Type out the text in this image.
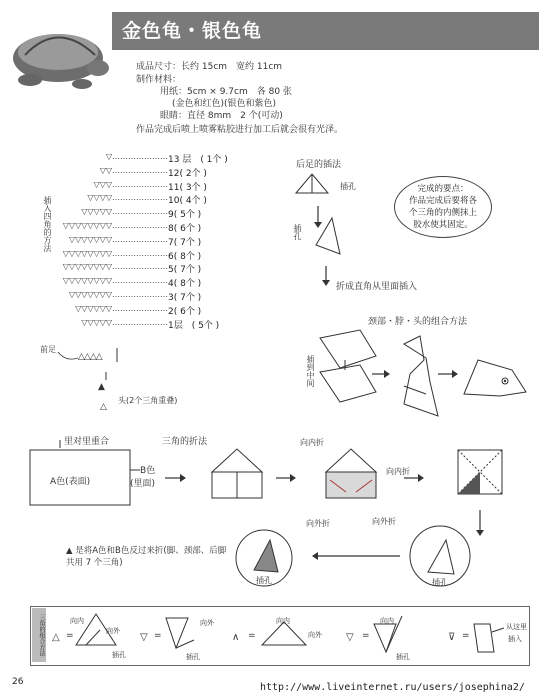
金色龟・银色龟
成品尺寸：长约 15cm　宽约 11cm
制作材料：
用纸：5cm × 9.7cm　各 80 张
(金色和红色)(银色和紫色)
眼睛：直径 8mm　2 个(可动)
作品完成后喷上喷雾粘胶进行加工后就会很有光泽。
插入四角的方法
▽………………… 13 层　( 1个 )
▽▽………………… 12( 2个 )
▽▽▽………………… 11( 3个 )
▽▽▽▽………………… 10( 4个 )
▽▽▽▽▽………………… 9( 5个 )
▽▽▽▽▽▽▽▽………………… 8( 6个 )
▽▽▽▽▽▽▽………………… 7( 7个 )
▽▽▽▽▽▽▽▽………………… 6( 8个 )
▽▽▽▽▽▽▽▽………………… 5( 7个 )
▽▽▽▽▽▽▽▽………………… 4( 8个 )
▽▽▽▽▽▽▽………………… 3( 7个 )
▽▽▽▽▽▽………………… 2( 6个 )
▽▽▽▽▽………………… 1层　( 5个 )
前足
△△△△
▲
△
头(2个三角重叠)
后足的插法
插孔
插孔
折成直角从里面插入
完成的要点：
作品完成后要将各
个三角的内侧抹上
胶水使其固定。
颈部・脖・头的组合方法
插到中间
里对里重合	三角的折法
A色(表面)
B色
(里面)
向内折
向内折
向外折	向外折
▲ 是将A色和B色反过来折(脚、颈部、后脚共用 7 个三角)
插孔	插孔
三角的组合方法 △ =	▽ =	∧ =	▽ =	⊽ =
向内
向外
插孔
向外
插孔
向内
向外
向内
插孔
从这里
插入
26	http://www.liveinternet.ru/users/josephina2/
